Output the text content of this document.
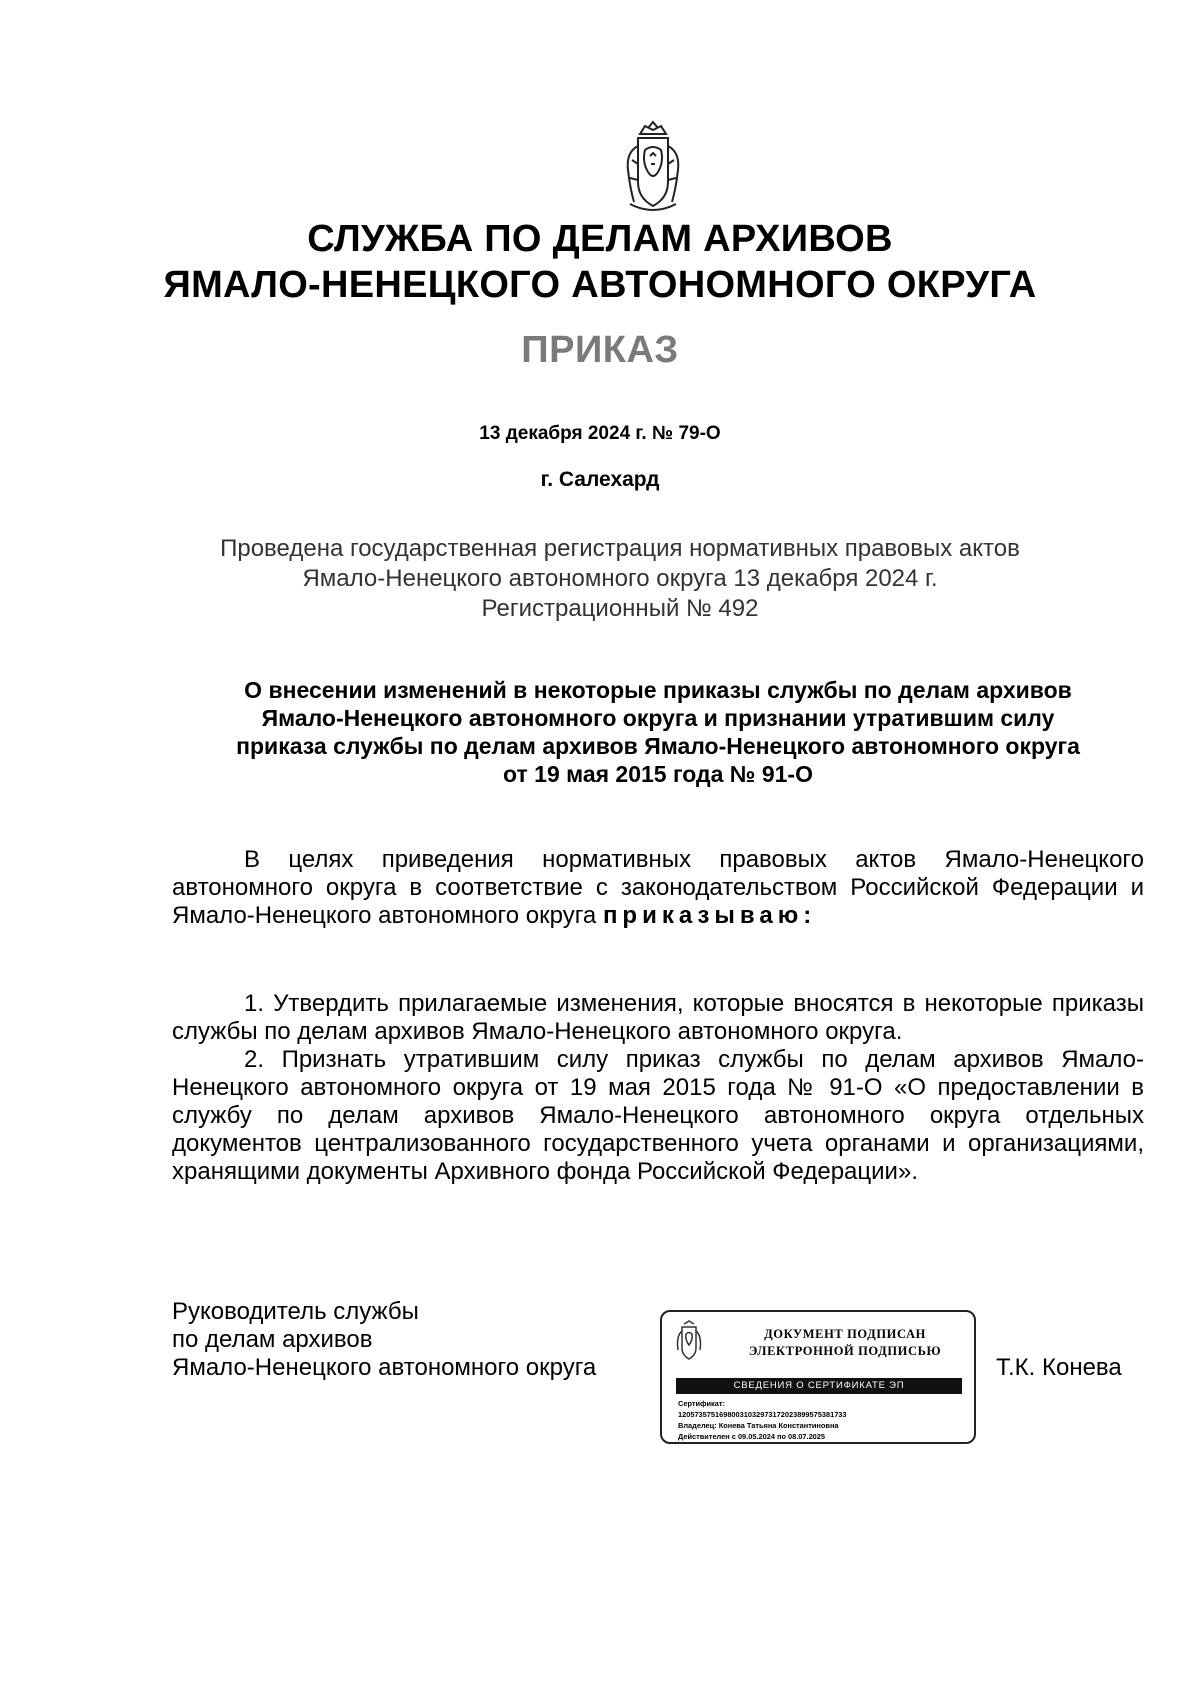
СЛУЖБА ПО ДЕЛАМ АРХИВОВ
ЯМАЛО-НЕНЕЦКОГО АВТОНОМНОГО ОКРУГА
ПРИКАЗ
13 декабря 2024 г. № 79-О
г. Салехард
Проведена государственная регистрация нормативных правовых актов
Ямало-Ненецкого автономного округа 13 декабря 2024 г.
Регистрационный № 492
О внесении изменений в некоторые приказы службы по делам архивов
Ямало-Ненецкого автономного округа и признании утратившим силу
приказа службы по делам архивов Ямало-Ненецкого автономного округа
от 19 мая 2015 года № 91-О
В целях приведения нормативных правовых актов Ямало-Ненецкого автономного округа в соответствие с законодательством Российской Федерации и Ямало-Ненецкого автономного округа приказываю:

1. Утвердить прилагаемые изменения, которые вносятся в некоторые приказы службы по делам архивов Ямало-Ненецкого автономного округа.

2. Признать утратившим силу приказ службы по делам архивов Ямало-Ненецкого автономного округа от 19 мая 2015 года № 91-О «О предоставлении в службу по делам архивов Ямало-Ненецкого автономного округа отдельных документов централизованного государственного учета органами и организациями, хранящими документы Архивного фонда Российской Федерации».

Руководитель службы
по делам архивов
Ямало-Ненецкого автономного округа
ДОКУМЕНТ ПОДПИСАН
ЭЛЕКТРОННОЙ ПОДПИСЬЮ
СВЕДЕНИЯ О СЕРТИФИКАТЕ ЭП
Сертификат:
12057357516980031032973172023899575381733
Владелец: Конева Татьяна Константиновна
Действителен с 09.05.2024 по 08.07.2025
Т.К. Конева
